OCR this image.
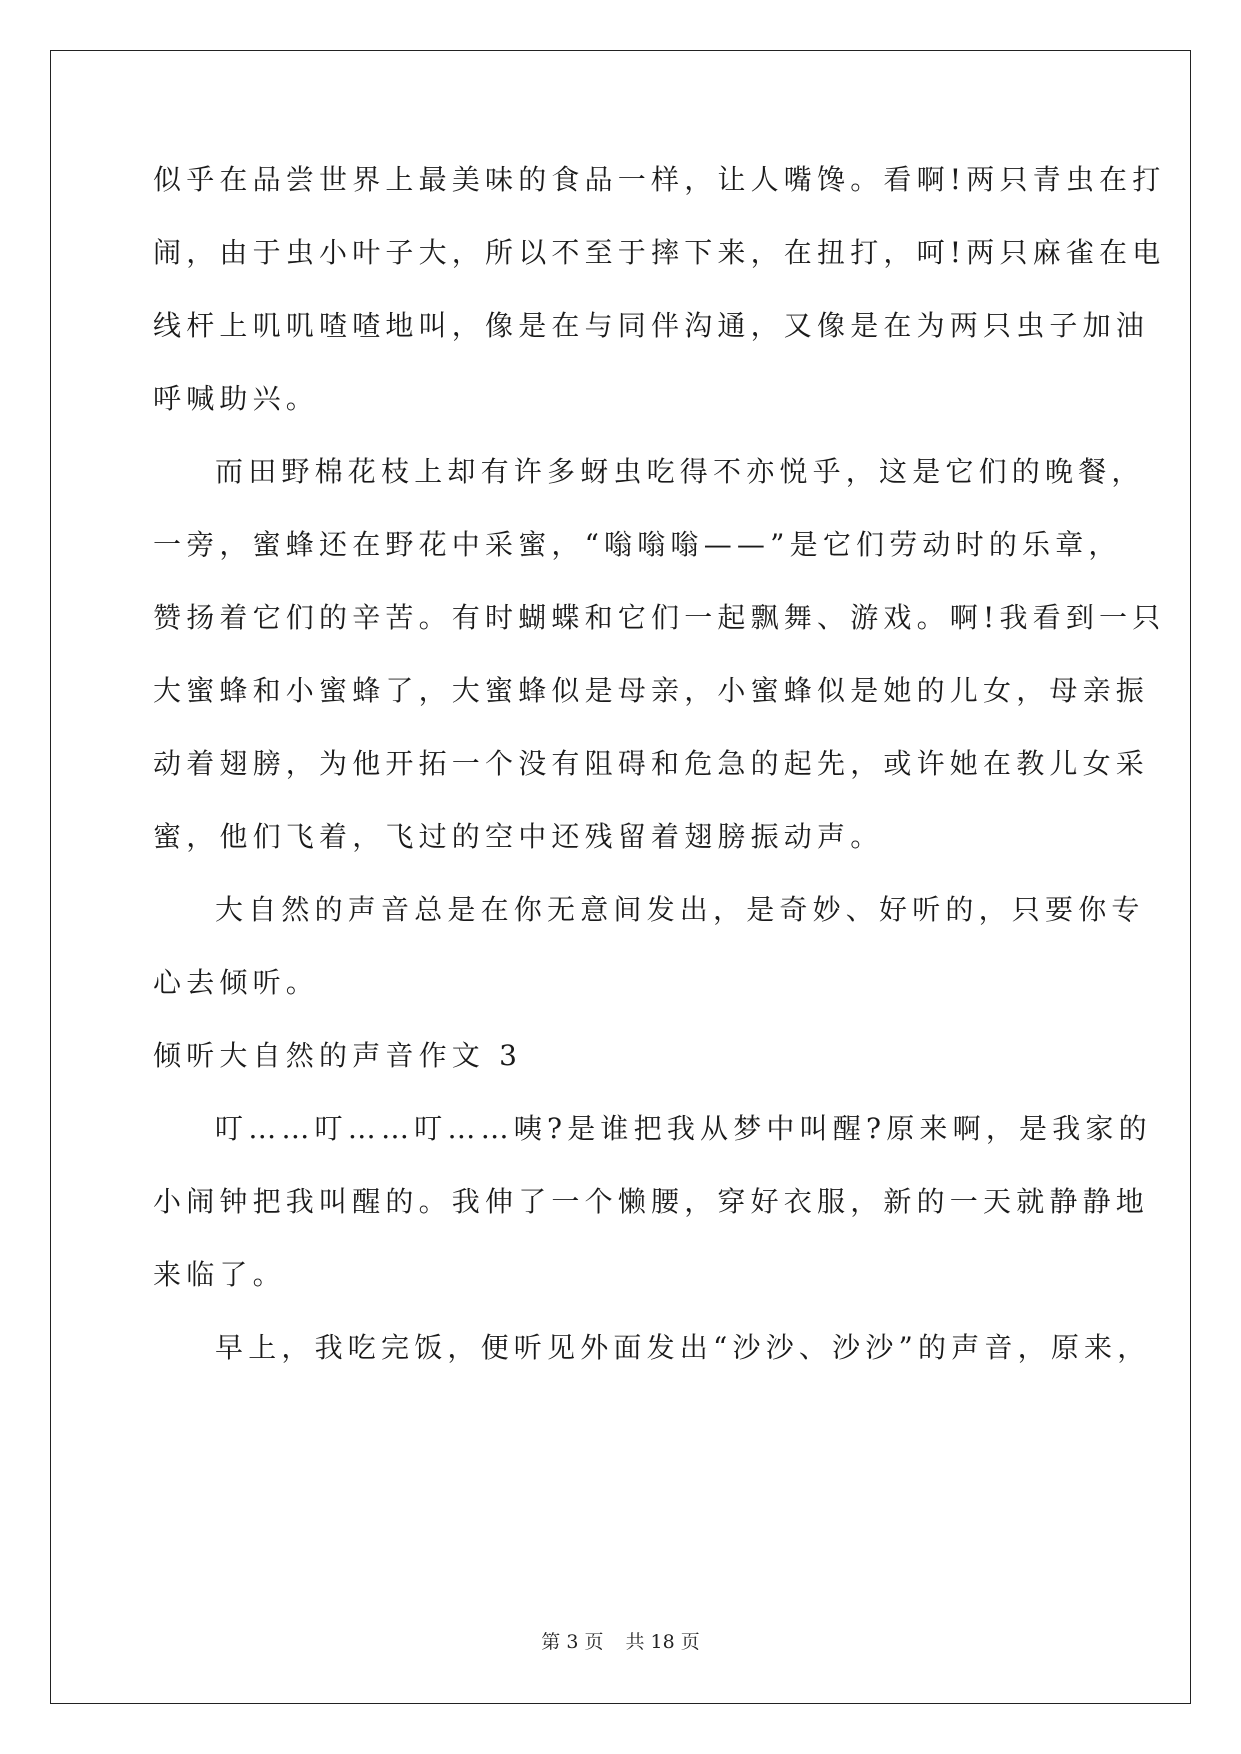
似乎在品尝世界上最美味的食品一样，让人嘴馋。看啊!两只青虫在打
闹，由于虫小叶子大，所以不至于摔下来，在扭打，呵!两只麻雀在电
线杆上叽叽喳喳地叫，像是在与同伴沟通，又像是在为两只虫子加油
呼喊助兴。
而田野棉花枝上却有许多蚜虫吃得不亦悦乎，这是它们的晚餐，
一旁，蜜蜂还在野花中采蜜，“嗡嗡嗡——”是它们劳动时的乐章，
赞扬着它们的辛苦。有时蝴蝶和它们一起飘舞、游戏。啊!我看到一只
大蜜蜂和小蜜蜂了，大蜜蜂似是母亲，小蜜蜂似是她的儿女，母亲振
动着翅膀，为他开拓一个没有阻碍和危急的起先，或许她在教儿女采
蜜，他们飞着，飞过的空中还残留着翅膀振动声。
大自然的声音总是在你无意间发出，是奇妙、好听的，只要你专
心去倾听。
倾听大自然的声音作文 3
叮……叮……叮……咦?是谁把我从梦中叫醒?原来啊，是我家的
小闹钟把我叫醒的。我伸了一个懒腰，穿好衣服，新的一天就静静地
来临了。
早上，我吃完饭，便听见外面发出“沙沙、沙沙”的声音，原来，
第 3 页 共 18 页
